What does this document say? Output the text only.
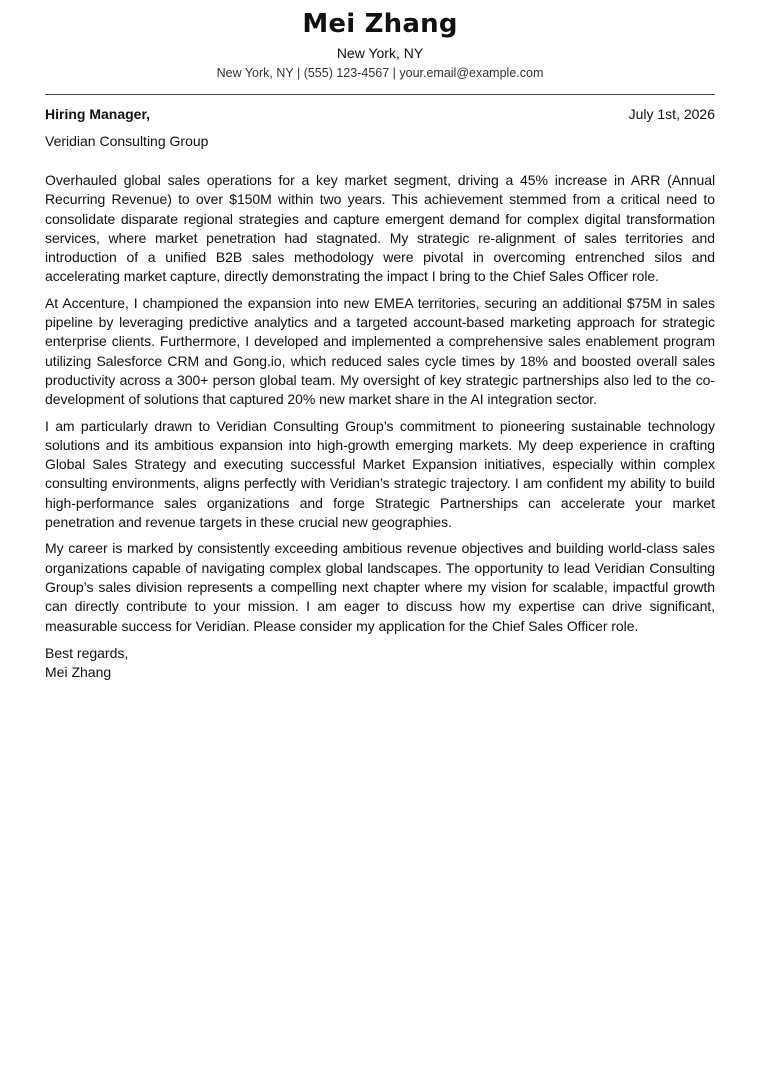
Mei Zhang
New York, NY
New York, NY | (555) 123-4567 | your.email@example.com
Hiring Manager,	July 1st, 2026
Veridian Consulting Group

Overhauled global sales operations for a key market segment, driving a 45% increase in ARR (Annual Recurring Revenue) to over $150M within two years. This achievement stemmed from a critical need to consolidate disparate regional strategies and capture emergent demand for complex digital transformation services, where market penetration had stagnated. My strategic re-alignment of sales territories and introduction of a unified B2B sales methodology were pivotal in overcoming entrenched silos and accelerating market capture, directly demonstrating the impact I bring to the Chief Sales Officer role.

At Accenture, I championed the expansion into new EMEA territories, securing an additional $75M in sales pipeline by leveraging predictive analytics and a targeted account-based marketing approach for strategic enterprise clients. Furthermore, I developed and implemented a comprehensive sales enablement program utilizing Salesforce CRM and Gong.io, which reduced sales cycle times by 18% and boosted overall sales productivity across a 300+ person global team. My oversight of key strategic partnerships also led to the co-development of solutions that captured 20% new market share in the AI integration sector.

I am particularly drawn to Veridian Consulting Group’s commitment to pioneering sustainable technology solutions and its ambitious expansion into high-growth emerging markets. My deep experience in crafting Global Sales Strategy and executing successful Market Expansion initiatives, especially within complex consulting environments, aligns perfectly with Veridian’s strategic trajectory. I am confident my ability to build high-performance sales organizations and forge Strategic Partnerships can accelerate your market penetration and revenue targets in these crucial new geographies.

My career is marked by consistently exceeding ambitious revenue objectives and building world-class sales organizations capable of navigating complex global landscapes. The opportunity to lead Veridian Consulting Group’s sales division represents a compelling next chapter where my vision for scalable, impactful growth can directly contribute to your mission. I am eager to discuss how my expertise can drive significant, measurable success for Veridian. Please consider my application for the Chief Sales Officer role.

Best regards,
Mei Zhang
